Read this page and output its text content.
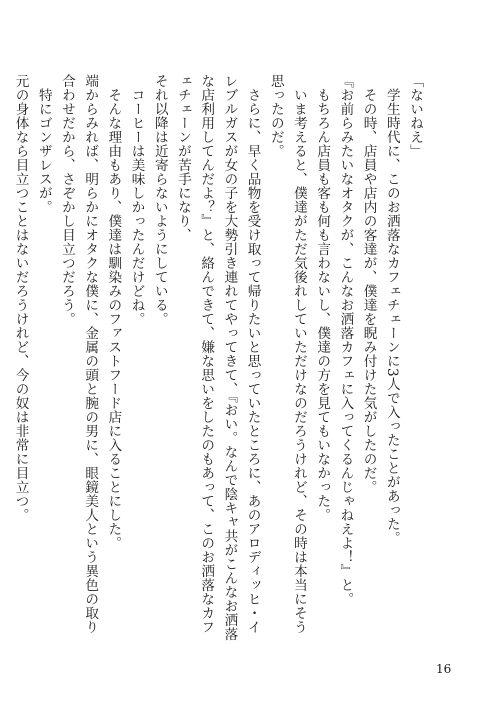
「ないねえ」
学生時代に、このお洒落なカフェチェーンに3人で入ったことがあった。
その時、店員や店内の客達が、僕達を睨み付けた気がしたのだ。
『お前らみたいなオタクが、こんなお洒落カフェに入ってくるんじゃねえよ！』と。
もちろん店員も客も何も言わないし、僕達の方を見てもいなかった。
いま考えると、僕達がただ気後れしていただけなのだろうけれど、その時は本当にそう思ったのだ。
さらに、早く品物を受け取って帰りたいと思っていたところに、あのアロディッヒ・イレブルガスが女の子を大勢引き連れてやってきて、『おい。なんで陰キャ共がこんなお洒落な店利用してんだよ？』と、絡んできて、嫌な思いをしたのもあって、このお洒落なカフェチェーンが苦手になり、
それ以降は近寄らないようにしている。
コーヒーは美味しかったんだけどね。
そんな理由もあり、僕達は馴染みのファストフード店に入ることにした。
端からみれば、明らかにオタクな僕に、金属の頭と腕の男に、眼鏡美人という異色の取り合わせだから、さぞかし目立つだろう。
特にゴンザレスが。
元の身体なら目立つことはないだろうけれど、今の奴は非常に目立つ。
16
